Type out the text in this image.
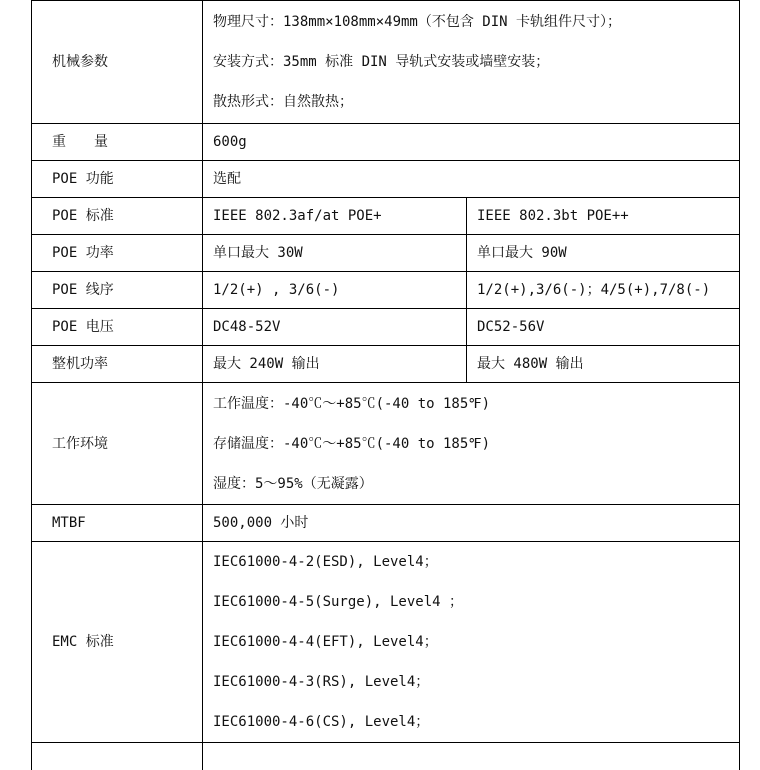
机械参数	物理尺寸：138mm×108mm×49mm（不包含 DIN 卡轨组件尺寸）；
安装方式：35mm 标准 DIN 导轨式安装或墙壁安装；
散热形式：自然散热；	

重　　量	600g	
POE 功能	选配	
POE 标准	IEEE 802.3af/at POE+	IEEE 802.3bt POE++
POE 功率	单口最大 30W	单口最大 90W
POE 线序	1/2(+) , 3/6(-)	1/2(+),3/6(-)；4/5(+),7/8(-)
POE 电压	DC48-52V	DC52-56V
整机功率	最大 240W 输出	最大 480W 输出
工作环境	工作温度：-40℃～+85℃(-40 to 185℉)
存储温度：-40℃～+85℃(-40 to 185℉)
湿度：5～95%（无凝露）	

MTBF	500,000 小时	
EMC 标准	IEC61000-4-2(ESD), Level4；
IEC61000-4-5(Surge), Level4 ；
IEC61000-4-4(EFT), Level4；
IEC61000-4-3(RS), Level4；
IEC61000-4-6(CS), Level4；	
